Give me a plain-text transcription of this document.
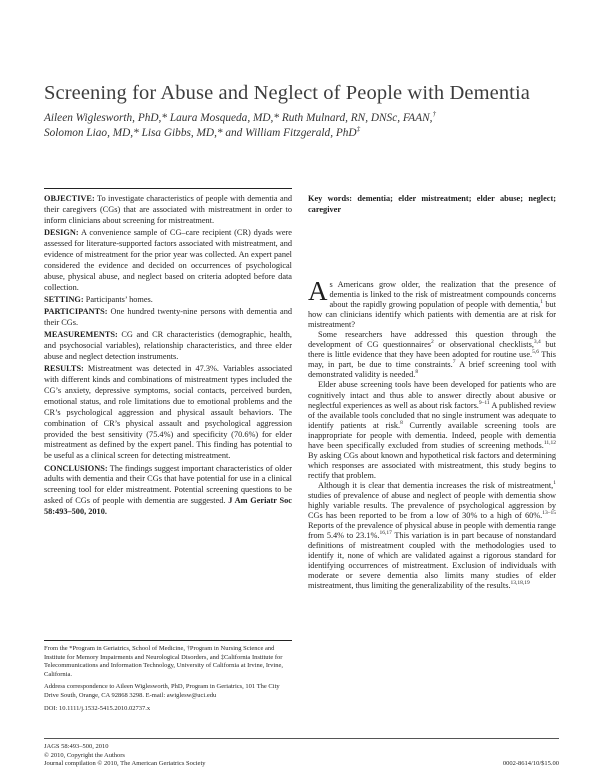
Screening for Abuse and Neglect of People with Dementia
Aileen Wiglesworth, PhD,* Laura Mosqueda, MD,* Ruth Mulnard, RN, DNSc, FAAN,†
Solomon Liao, MD,* Lisa Gibbs, MD,* and William Fitzgerald, PhD‡

OBJECTIVE: To investigate characteristics of people with dementia and their caregivers (CGs) that are associated with mistreatment in order to inform clinicians about screening for mistreatment.

DESIGN: A convenience sample of CG–care recipient (CR) dyads were assessed for literature-supported factors associated with mistreatment, and evidence of mistreatment for the prior year was collected. An expert panel considered the evidence and decided on occurrences of psychological abuse, physical abuse, and neglect based on criteria adopted before data collection.

SETTING: Participants’ homes.

PARTICIPANTS: One hundred twenty-nine persons with dementia and their CGs.

MEASUREMENTS: CG and CR characteristics (demographic, health, and psychosocial variables), relationship characteristics, and three elder abuse and neglect detection instruments.

RESULTS: Mistreatment was detected in 47.3%. Variables associated with different kinds and combinations of mistreatment types included the CG’s anxiety, depressive symptoms, social contacts, perceived burden, emotional status, and role limitations due to emotional problems and the CR’s psychological aggression and physical assault behaviors. The combination of CR’s physical assault and psychological aggression provided the best sensitivity (75.4%) and specificity (70.6%) for elder mistreatment as defined by the expert panel. This finding has potential to be useful as a clinical screen for detecting mistreatment.

CONCLUSIONS: The findings suggest important characteristics of older adults with dementia and their CGs that have potential for use in a clinical screening tool for elder mistreatment. Potential screening questions to be asked of CGs of people with dementia are suggested. J Am Geriatr Soc 58:493–500, 2010.

From the *Program in Geriatrics, School of Medicine, †Program in Nursing Science and Institute for Memory Impairments and Neurological Disorders, and ‡California Institute for Telecommunications and Information Technology, University of California at Irvine, Irvine, California.

Address correspondence to Aileen Wiglesworth, PhD, Program in Geriatrics, 101 The City Drive South, Orange, CA 92868 3298. E-mail: awiglesw@uci.edu

DOI: 10.1111/j.1532-5415.2010.02737.x

Key words: dementia; elder mistreatment; elder abuse; neglect; caregiver

As Americans grow older, the realization that the presence of dementia is linked to the risk of mistreatment compounds concerns about the rapidly growing population of people with dementia,$^1$ but how can clinicians identify which patients with dementia are at risk for mistreatment?

Some researchers have addressed this question through the development of CG questionnaires$^2$ or observational checklists,$^{3,4}$ but there is little evidence that they have been adopted for routine use.$^{5,6}$ This may, in part, be due to time constraints.$^7$ A brief screening tool with demonstrated validity is needed.$^8$

Elder abuse screening tools have been developed for patients who are cognitively intact and thus able to answer directly about abusive or neglectful experiences as well as about risk factors.$^{9-11}$ A published review of the available tools concluded that no single instrument was adequate to identify patients at risk.$^8$ Currently available screening tools are inappropriate for people with dementia. Indeed, people with dementia have been specifically excluded from studies of screening methods.$^{11,12}$ By asking CGs about known and hypothetical risk factors and determining which responses are associated with mistreatment, this study begins to rectify that problem.

Although it is clear that dementia increases the risk of mistreatment,$^1$ studies of prevalence of abuse and neglect of people with dementia show highly variable results. The prevalence of psychological aggression by CGs has been reported to be from a low of 30% to a high of 60%.$^{13-15}$ Reports of the prevalence of physical abuse in people with dementia range from 5.4% to 23.1%.$^{16,17}$ This variation is in part because of nonstandard definitions of mistreatment coupled with the methodologies used to identify it, none of which are validated against a rigorous standard for identifying occurrences of mistreatment. Exclusion of individuals with moderate or severe dementia also limits many studies of elder mistreatment, thus limiting the generalizability of the results.$^{13,18,19}$

JAGS 58:493–500, 2010
© 2010, Copyright the Authors
Journal compilation © 2010, The American Geriatrics Society	0002-8614/10/$15.00
